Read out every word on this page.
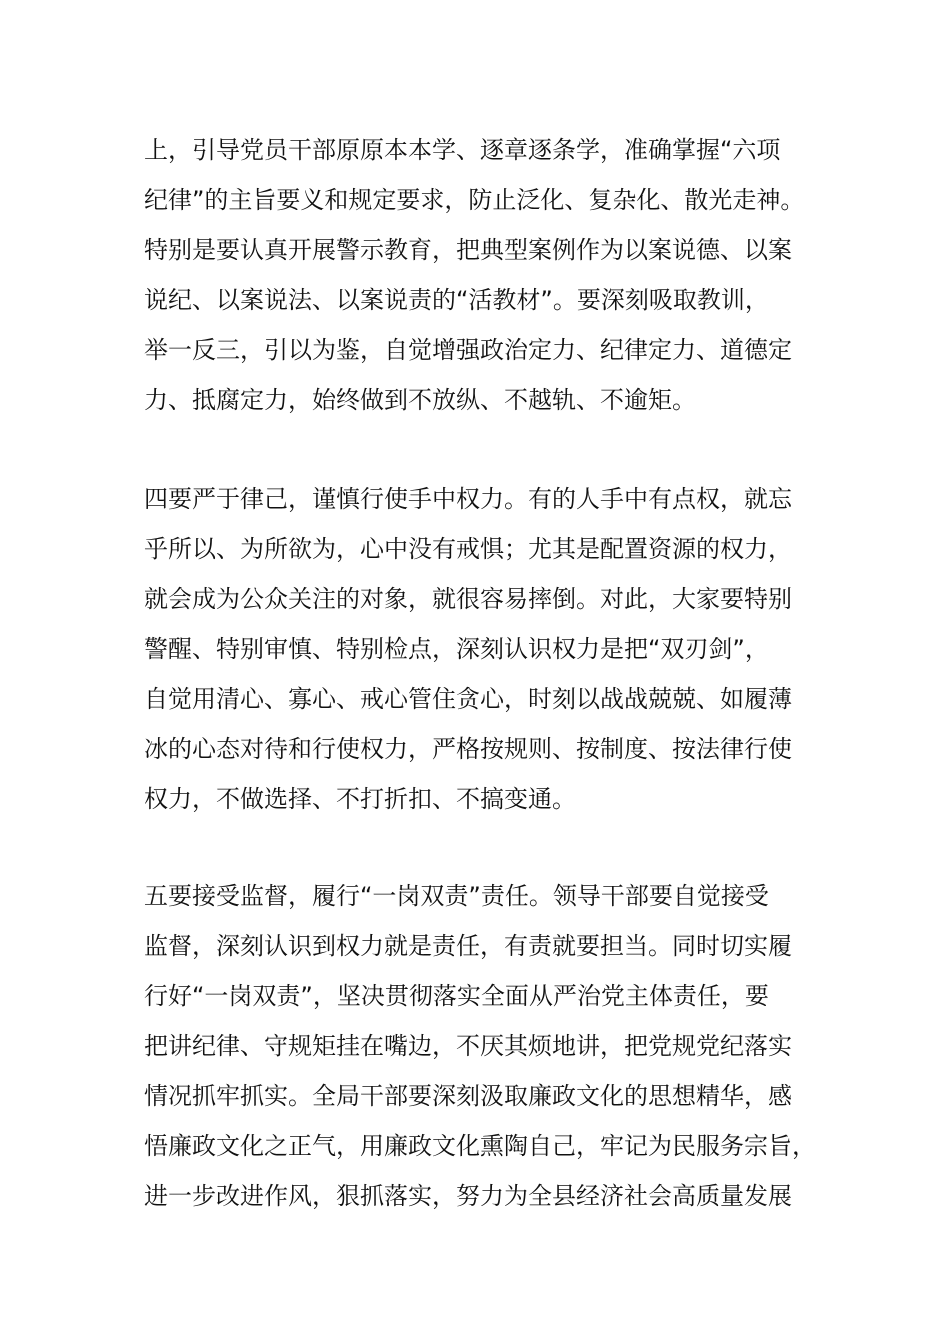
上，引导党员干部原原本本学、逐章逐条学，准确掌握“六项
纪律”的主旨要义和规定要求，防止泛化、复杂化、散光走神。
特别是要认真开展警示教育，把典型案例作为以案说德、以案
说纪、以案说法、以案说责的“活教材”。要深刻吸取教训，
举一反三，引以为鉴，自觉增强政治定力、纪律定力、道德定
力、抵腐定力，始终做到不放纵、不越轨、不逾矩。

四要严于律己，谨慎行使手中权力。有的人手中有点权，就忘
乎所以、为所欲为，心中没有戒惧；尤其是配置资源的权力，
就会成为公众关注的对象，就很容易摔倒。对此，大家要特别
警醒、特别审慎、特别检点，深刻认识权力是把“双刃剑”，
自觉用清心、寡心、戒心管住贪心，时刻以战战兢兢、如履薄
冰的心态对待和行使权力，严格按规则、按制度、按法律行使
权力，不做选择、不打折扣、不搞变通。

五要接受监督，履行“一岗双责”责任。领导干部要自觉接受
监督，深刻认识到权力就是责任，有责就要担当。同时切实履
行好“一岗双责”，坚决贯彻落实全面从严治党主体责任，要
把讲纪律、守规矩挂在嘴边，不厌其烦地讲，把党规党纪落实
情况抓牢抓实。全局干部要深刻汲取廉政文化的思想精华，感
悟廉政文化之正气，用廉政文化熏陶自己，牢记为民服务宗旨，
进一步改进作风，狠抓落实，努力为全县经济社会高质量发展
